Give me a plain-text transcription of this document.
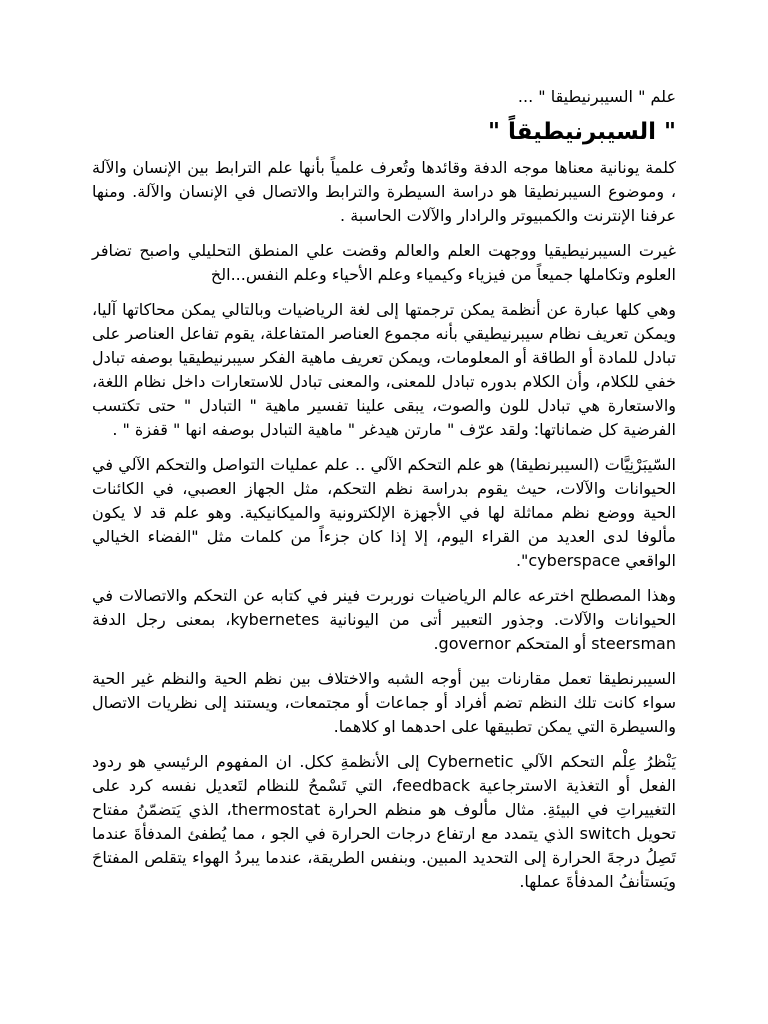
علم " السيبرنيطيقا " ...
" السيبرنيطيقاً "

كلمة يونانية معناها موجه الدفة وقائدها وتُعرف علمياً بأنها علم الترابط بين الإنسان والآلة ، وموضوع السيبرنطيقا هو دراسة السيطرة والترابط والاتصال في الإنسان والآلة. ومنها عرفنا الإنترنت والكمبيوتر والرادار والآلات الحاسبة .

غيرت السيبرنيطيقيا ووجهت العلم والعالم وقضت علي المنطق التحليلي واصبح تضافر العلوم وتكاملها جميعاً من فيزياء وكيمياء وعلم الأحياء وعلم النفس...الخ

وهي كلها عبارة عن أنظمة يمكن ترجمتها إلى لغة الرياضيات وبالتالي يمكن محاكاتها آليا، ويمكن تعريف نظام سيبرنيطيقي بأنه مجموع العناصر المتفاعلة، يقوم تفاعل العناصر على تبادل للمادة أو الطاقة أو المعلومات، ويمكن تعريف ماهية الفكر سيبرنيطيقيا بوصفه تبادل خفي للكلام، وأن الكلام بدوره تبادل للمعنى، والمعنى تبادل للاستعارات داخل نظام اللغة، والاستعارة هي تبادل للون والصوت، يبقى علينا تفسير ماهية " التبادل " حتى تكتسب الفرضية كل ضماناتها: ولقد عرّف " مارتن هيدغر " ماهية التبادل بوصفه انها " قفزة " .

السّيبَرْنِيَّات (السيبرنطيقا) هو علم التحكم الآلي .. علم عمليات التواصل والتحكم الآلي في الحيوانات والآلات، حيث يقوم بدراسة نظم التحكم، مثل الجهاز العصبي، في الكائنات الحية ووضع نظم مماثلة لها في الأجهزة الإلكترونية والميكانيكية. وهو علم قد لا يكون مألوفا لدى العديد من القراء اليوم، إلا إذا كان جزءاً من كلمات مثل "الفضاء الخيالي الواقعي cyberspace".

وهذا المصطلح اخترعه عالم الرياضيات نوربرت فينر في كتابه عن التحكم والاتصالات في الحيوانات والآلات. وجذور التعبير أتى من اليونانية kybernetes، بمعنى رجل الدفة steersman أو المتحكم governor.

السيبرنطيقا تعمل مقارنات بين أوجه الشبه والاختلاف بين نظم الحية والنظم غير الحية سواء كانت تلك النظم تضم أفراد أو جماعات أو مجتمعات، ويستند إلى نظريات الاتصال والسيطرة التي يمكن تطبيقها على احدهما او كلاهما.

يَنْظرُ عِلْم التحكم الآلي Cybernetic إلى الأنظمةِ ككل. ان المفهوم الرئيسي هو ردود الفعل أو التغذية الاسترجاعية feedback، التي تَسْمحُ للنظام لتَعديل نفسه كرد على التغييراتِ في البيئةِ. مثال مألوف هو منظم الحرارة thermostat، الذي يَتضمّنُ مفتاح تحويل switch الذي يتمدد مع ارتفاع درجات الحرارة في الجو ، مما يُطفئ المدفأةَ عندما تَصِلُ درجةَ الحرارة إلى التحديد المبين. وبنفس الطريقة، عندما يبردُ الهواء يتقلص المفتاحَ ويَستأنفُ المدفأةَ عملها.
